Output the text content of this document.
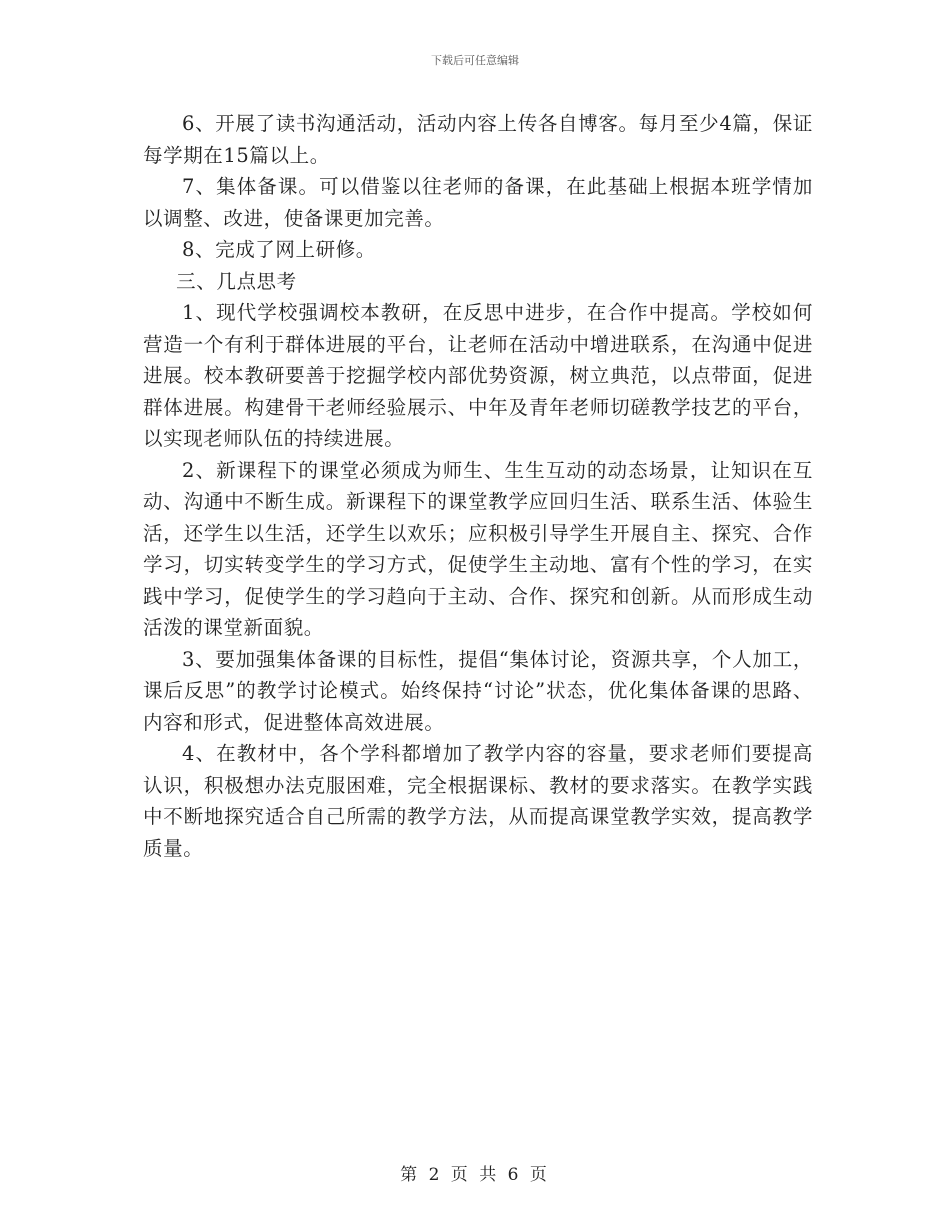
下载后可任意编辑

6、开展了读书沟通活动，活动内容上传各自博客。每月至少4篇，保证每学期在15篇以上。

7、集体备课。可以借鉴以往老师的备课，在此基础上根据本班学情加以调整、改进，使备课更加完善。

8、完成了网上研修。

三、几点思考

1、现代学校强调校本教研，在反思中进步，在合作中提高。学校如何营造一个有利于群体进展的平台，让老师在活动中增进联系，在沟通中促进进展。校本教研要善于挖掘学校内部优势资源，树立典范，以点带面，促进群体进展。构建骨干老师经验展示、中年及青年老师切磋教学技艺的平台，以实现老师队伍的持续进展。

2、新课程下的课堂必须成为师生、生生互动的动态场景，让知识在互动、沟通中不断生成。新课程下的课堂教学应回归生活、联系生活、体验生活，还学生以生活，还学生以欢乐；应积极引导学生开展自主、探究、合作学习，切实转变学生的学习方式，促使学生主动地、富有个性的学习，在实践中学习，促使学生的学习趋向于主动、合作、探究和创新。从而形成生动活泼的课堂新面貌。

3、要加强集体备课的目标性，提倡“集体讨论，资源共享，个人加工，课后反思”的教学讨论模式。始终保持“讨论”状态，优化集体备课的思路、内容和形式，促进整体高效进展。

4、在教材中，各个学科都增加了教学内容的容量，要求老师们要提高认识，积极想办法克服困难，完全根据课标、教材的要求落实。在教学实践中不断地探究适合自己所需的教学方法，从而提高课堂教学实效，提高教学质量。

第 2 页 共 6 页
